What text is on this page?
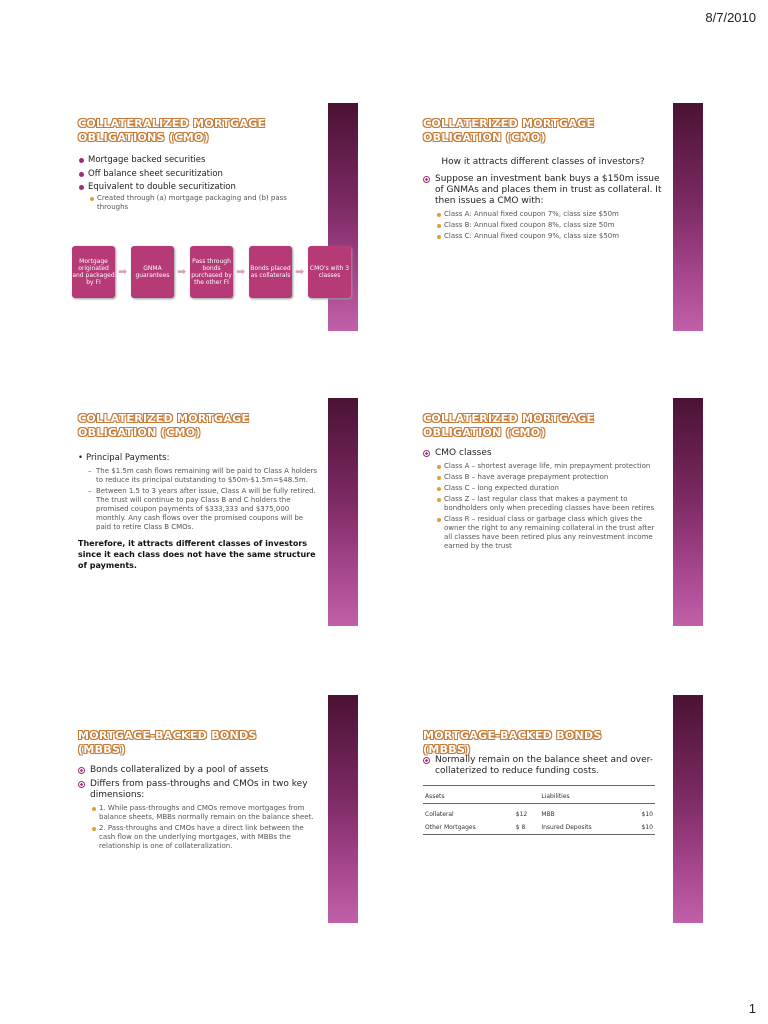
8/7/2010
COLLATERALIZED MORTGAGE OBLIGATIONS (CMO)
Mortgage backed securities
Off balance sheet securitization
Equivalent to double securitization
Created through (a) mortgage packaging and (b) pass throughs
Mortgage originated and packaged by FI
➡	GNMA guarantees ➡
Pass through bonds purchased by the other FI
➡ Bonds placed as collaterals ➡ CMO's with 3 classes
COLLATERIZED MORTGAGE OBLIGATION (CMO)
How it attracts different classes of investors?
Suppose an investment bank buys a $150m issue of GNMAs and places them in trust as collateral. It then issues a CMO with:
Class A: Annual fixed coupon 7%, class size $50m
Class B: Annual fixed coupon 8%, class size 50m
Class C: Annual fixed coupon 9%, class size $50m
COLLATERIZED MORTGAGE OBLIGATION (CMO)
• Principal Payments:
– The $1.5m cash flows remaining will be paid to Class A holders to reduce its principal outstanding to $50m-$1.5m=$48.5m.
– Between 1.5 to 3 years after issue, Class A will be fully retired. The trust will continue to pay Class B and C holders the promised coupon payments of $333,333 and $375,000 monthly. Any cash flows over the promised coupons will be paid to retire Class B CMOs.
Therefore, it attracts different classes of investors since it each class does not have the same structure of payments.
COLLATERIZED MORTGAGE OBLIGATION (CMO)
CMO classes
Class A – shortest average life, min prepayment protection
Class B – have average prepayment protection
Class C – long expected duration
Class Z – last regular class that makes a payment to bondholders only when preceding classes have been retires
Class R – residual class or garbage class which gives the owner the right to any remaining collateral in the trust after all classes have been retired plus any reinvestment income earned by the trust
MORTGAGE-BACKED BONDS (MBBS)
Bonds collateralized by a pool of assets
Differs from pass-throughs and CMOs in two key dimensions:
1. While pass-throughs and CMOs remove mortgages from balance sheets, MBBs normally remain on the balance sheet.
2. Pass-throughs and CMOs have a direct link between the cash flow on the underlying mortgages, with MBBs the relationship is one of collateralization.
MORTGAGE-BACKED BONDS (MBBS)
Normally remain on the balance sheet and over-collaterized to reduce funding costs.

Assets		Liabilities	

Collateral	$12	MBB	$10
Other Mortgages	$ 8	Insured Deposits	$10

1
